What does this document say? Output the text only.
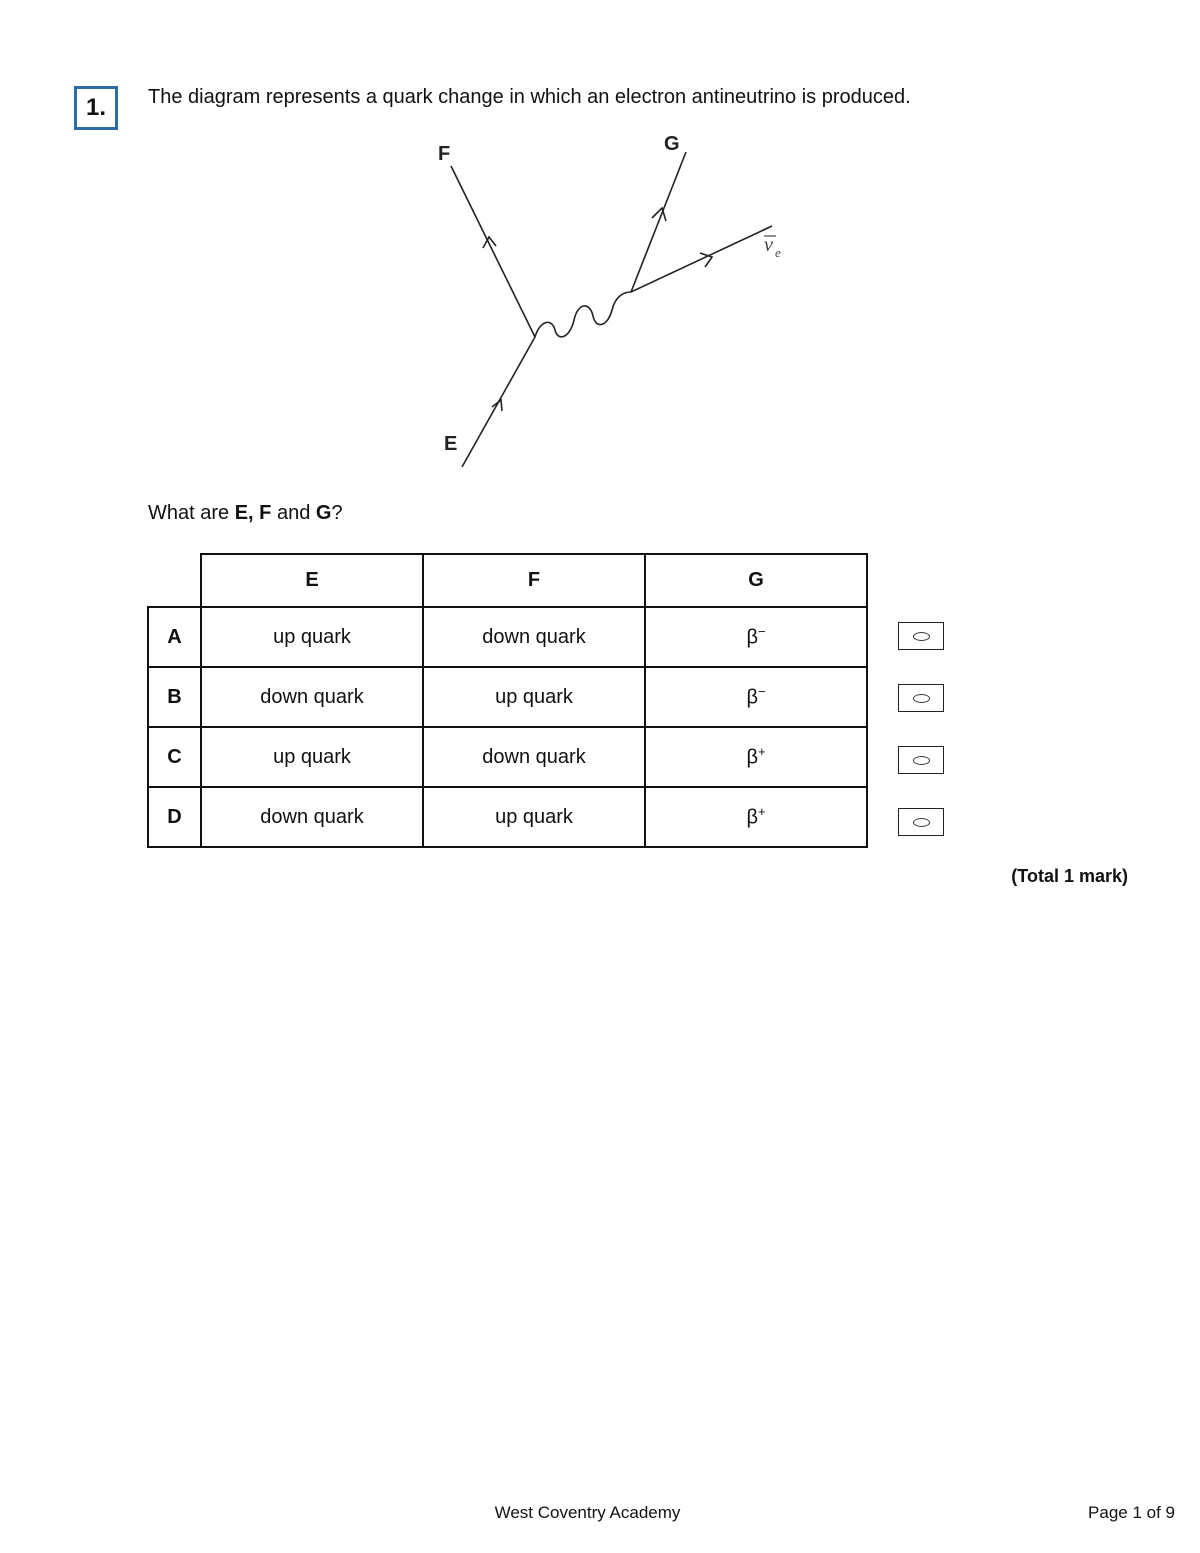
1.	The diagram represents a quark change in which an electron antineutrino is produced.
F	G
E
ν e
What are E, F and G?
	E	F	G
A	up quark	down quark	β−
B	down quark	up quark	β−
C	up quark	down quark	β+
D	down quark	up quark	β+
(Total 1 mark)
West Coventry Academy	Page 1 of 9
